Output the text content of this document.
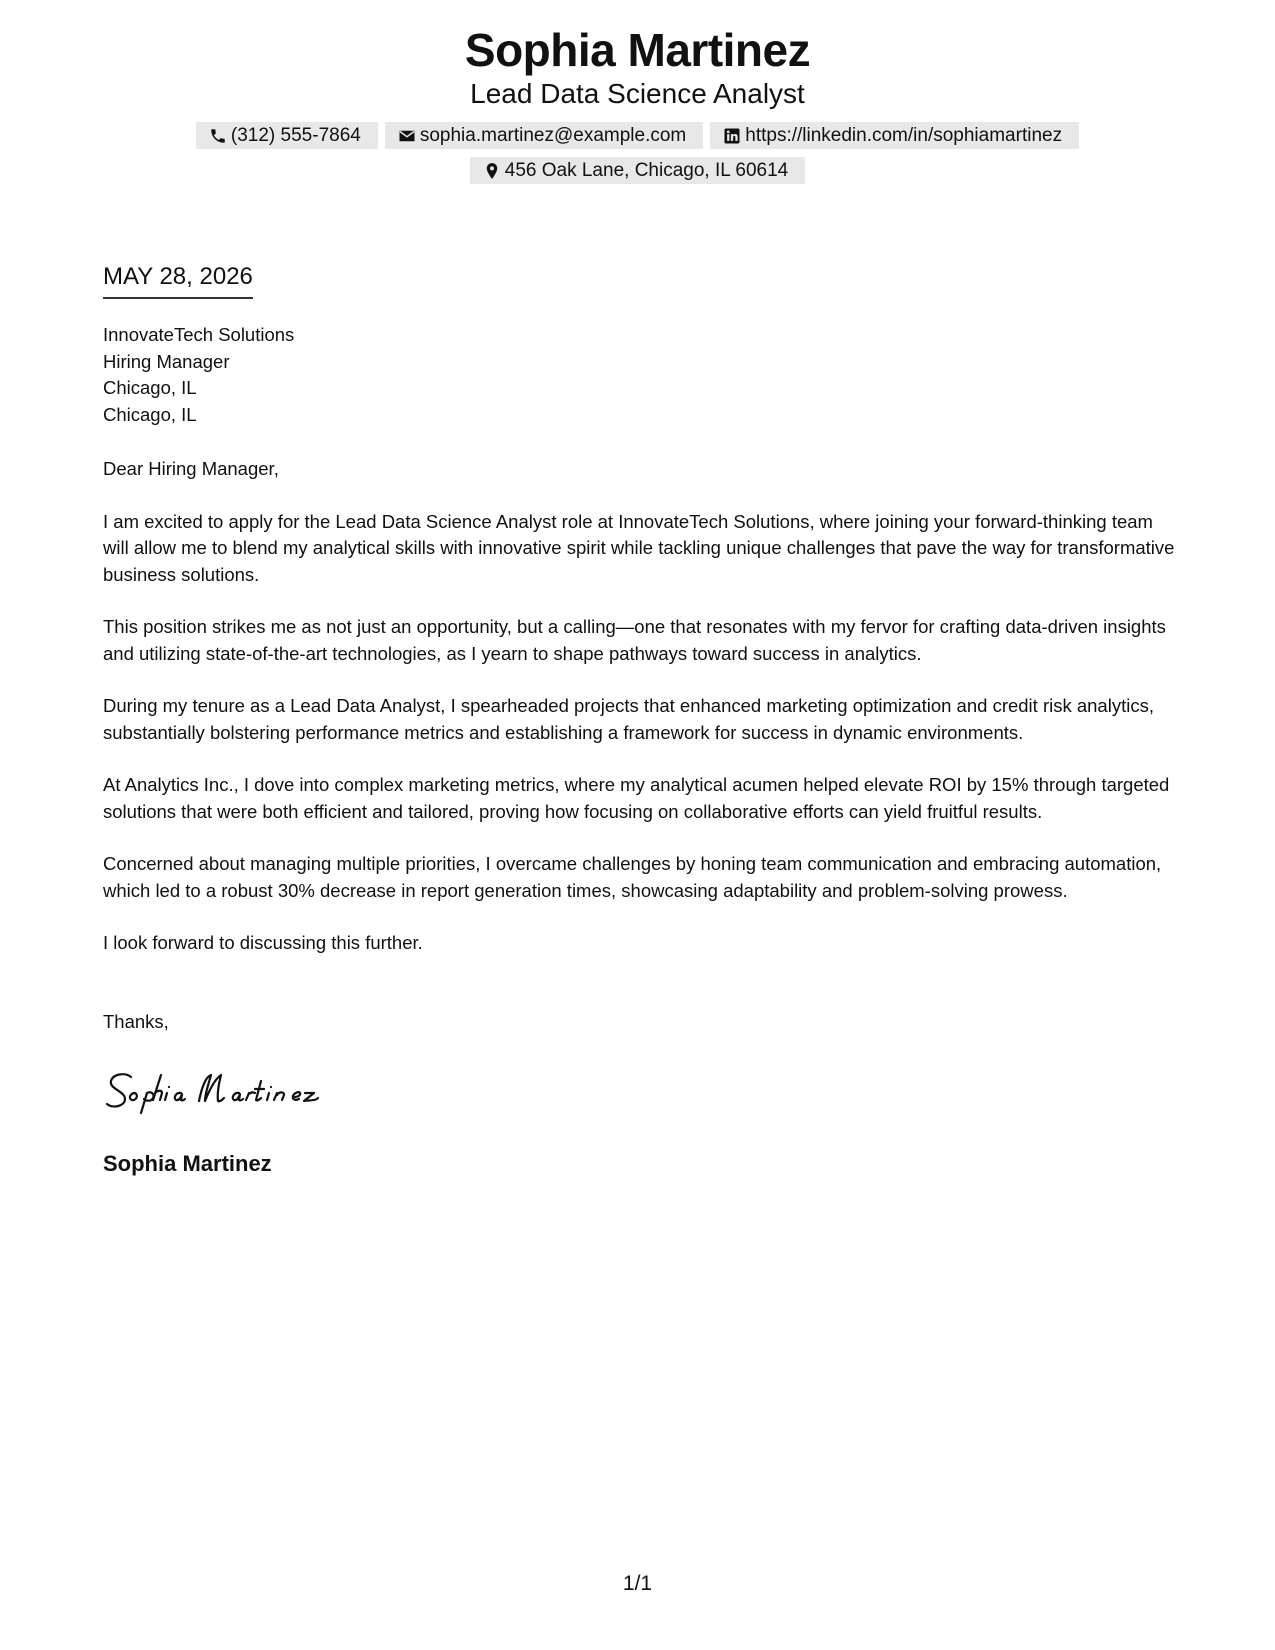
Sophia Martinez
Lead Data Science Analyst
(312) 555-7864	sophia.martinez@example.com	https://linkedin.com/in/sophiamartinez
456 Oak Lane, Chicago, IL 60614
MAY 28, 2026
InnovateTech Solutions
Hiring Manager
Chicago, IL
Chicago, IL
Dear Hiring Manager,
I am excited to apply for the Lead Data Science Analyst role at InnovateTech Solutions, where joining your forward-thinking team will allow me to blend my analytical skills with innovative spirit while tackling unique challenges that pave the way for transformative business solutions.
This position strikes me as not just an opportunity, but a calling—one that resonates with my fervor for crafting data-driven insights and utilizing state-of-the-art technologies, as I yearn to shape pathways toward success in analytics.
During my tenure as a Lead Data Analyst, I spearheaded projects that enhanced marketing optimization and credit risk analytics, substantially bolstering performance metrics and establishing a framework for success in dynamic environments.
At Analytics Inc., I dove into complex marketing metrics, where my analytical acumen helped elevate ROI by 15% through targeted solutions that were both efficient and tailored, proving how focusing on collaborative efforts can yield fruitful results.
Concerned about managing multiple priorities, I overcame challenges by honing team communication and embracing automation, which led to a robust 30% decrease in report generation times, showcasing adaptability and problem-solving prowess.
I look forward to discussing this further.
Thanks,
Sophia Martinez
1/1
